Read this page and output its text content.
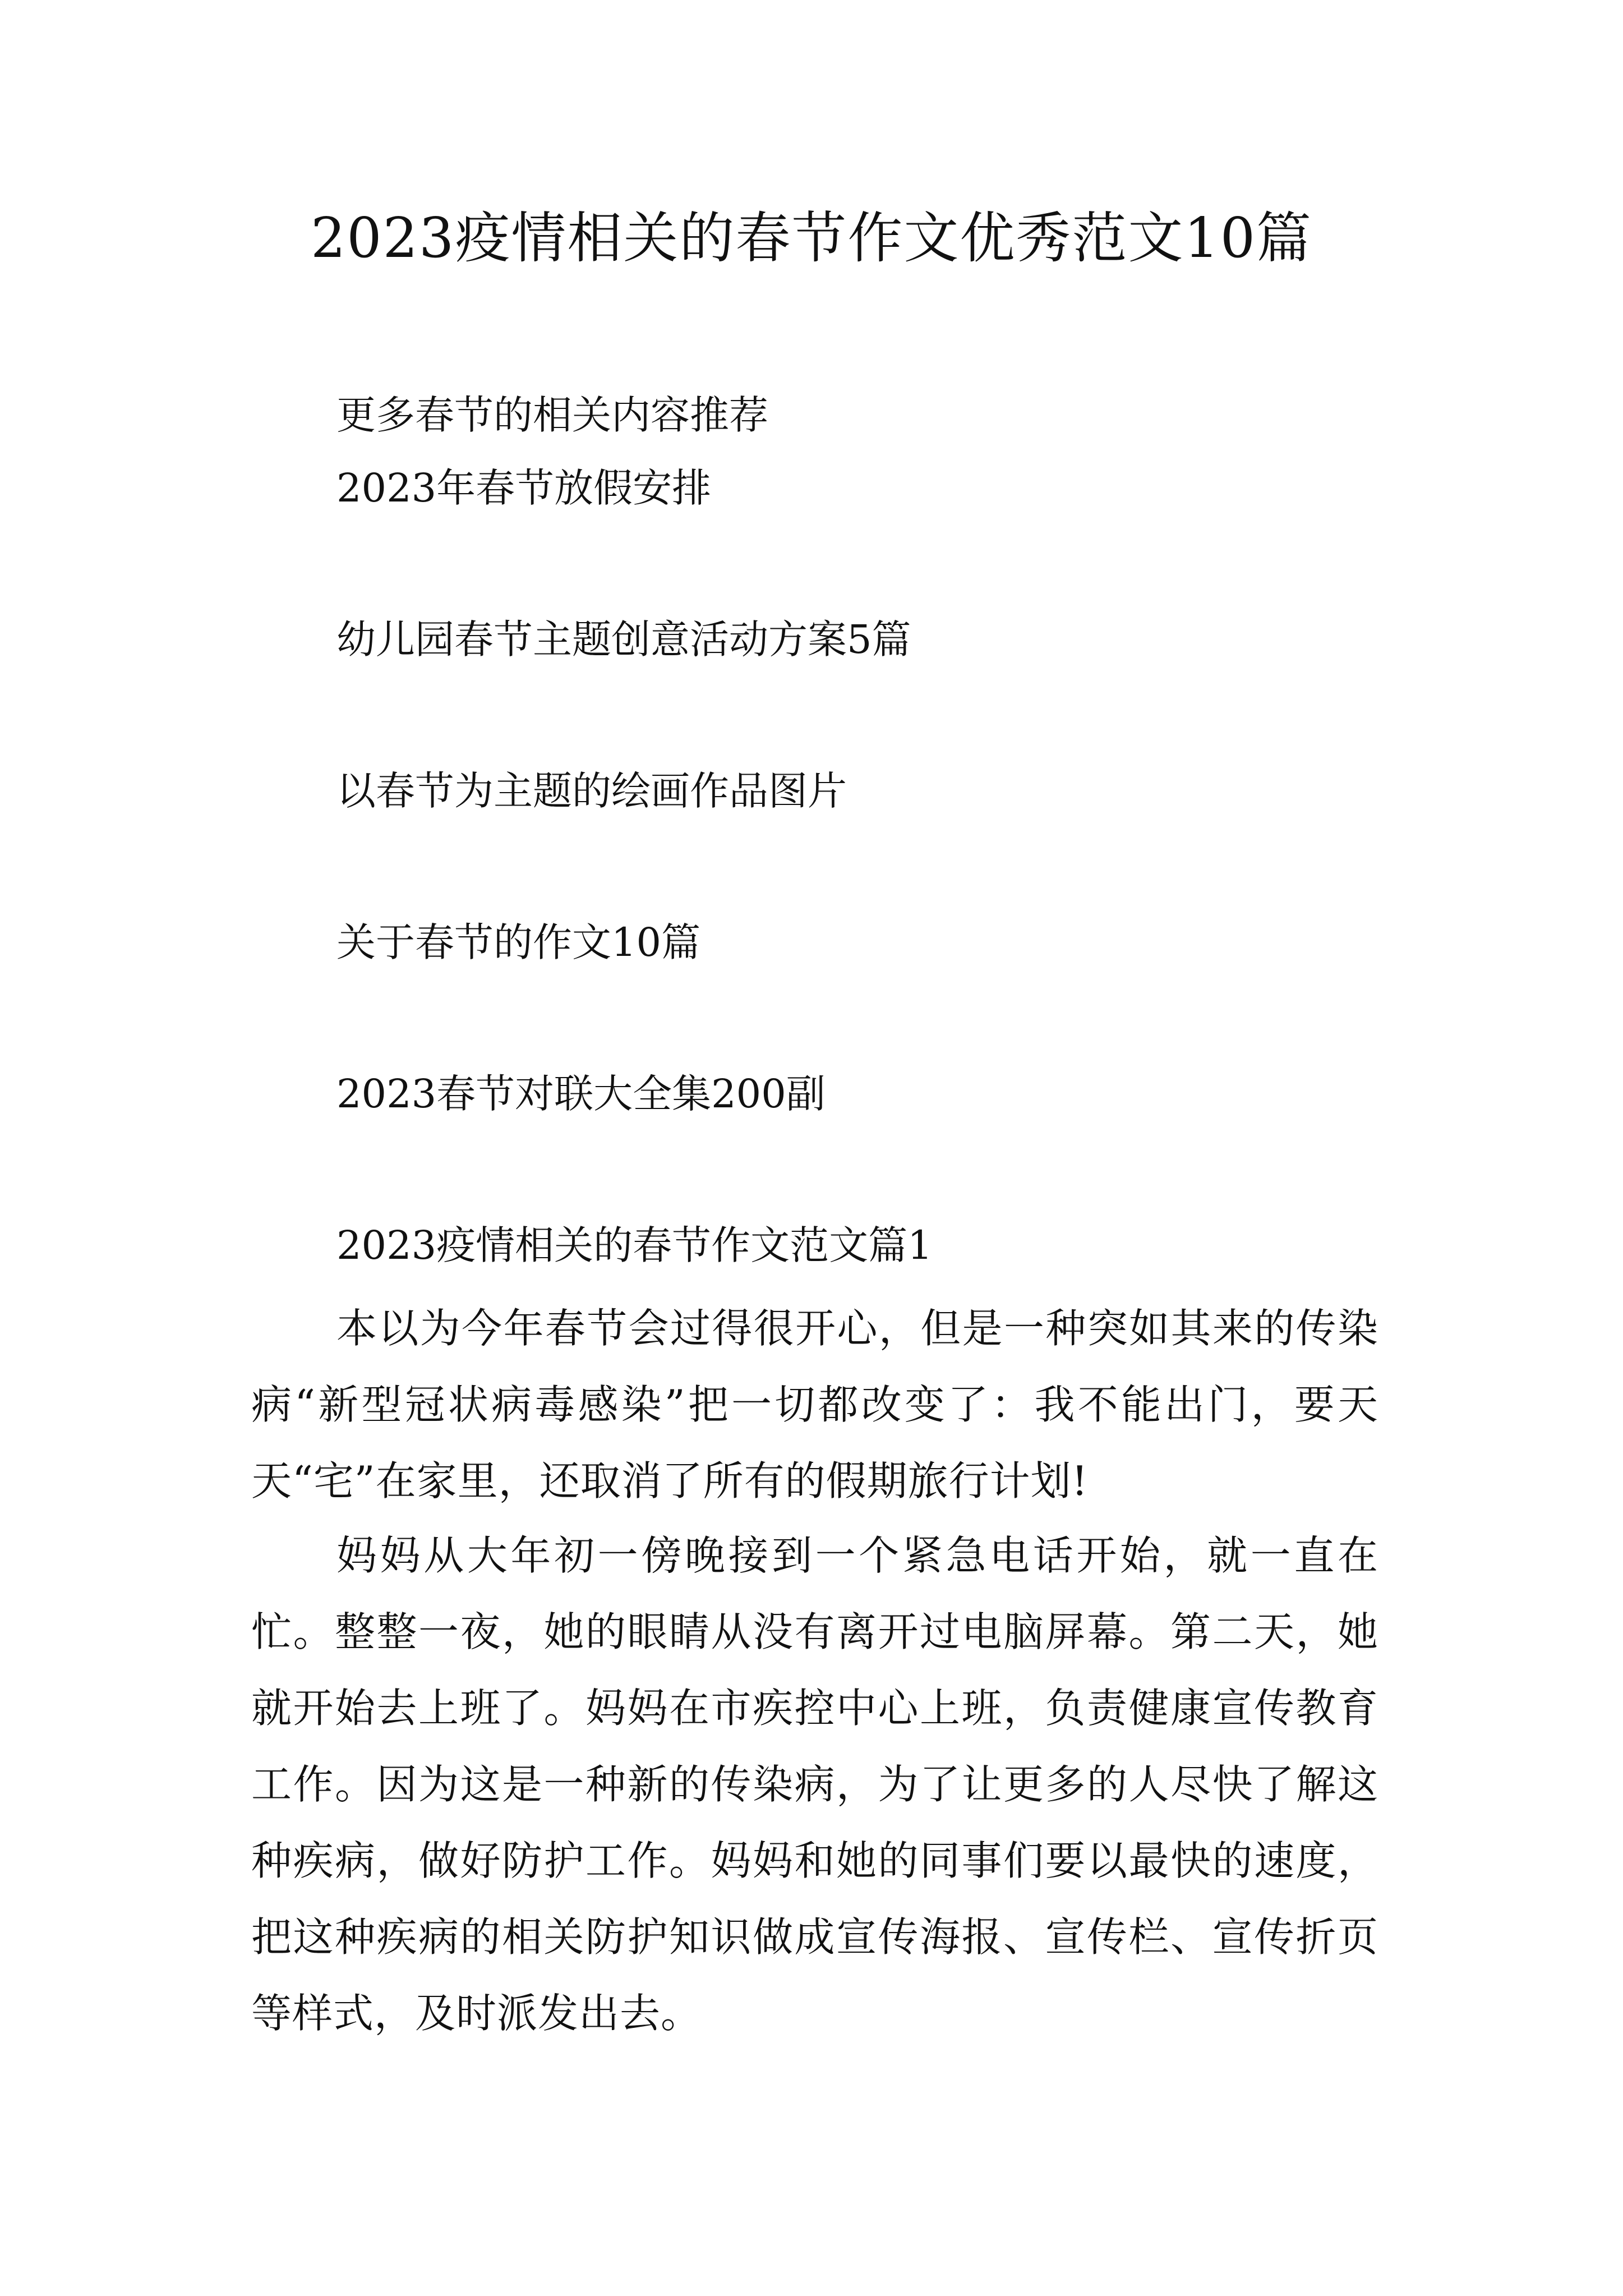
2023疫情相关的春节作文优秀范文10篇

更多春节的相关内容推荐

2023年春节放假安排

幼儿园春节主题创意活动方案5篇

以春节为主题的绘画作品图片

关于春节的作文10篇

2023春节对联大全集200副

2023疫情相关的春节作文范文篇1

本以为今年春节会过得很开心，但是一种突如其来的传染病“新型冠状病毒感染”把一切都改变了：我不能出门，要天天“宅”在家里，还取消了所有的假期旅行计划!

妈妈从大年初一傍晚接到一个紧急电话开始，就一直在忙。整整一夜，她的眼睛从没有离开过电脑屏幕。第二天，她就开始去上班了。妈妈在市疾控中心上班，负责健康宣传教育工作。因为这是一种新的传染病，为了让更多的人尽快了解这种疾病，做好防护工作。妈妈和她的同事们要以最快的速度，把这种疾病的相关防护知识做成宣传海报、宣传栏、宣传折页等样式，及时派发出去。
